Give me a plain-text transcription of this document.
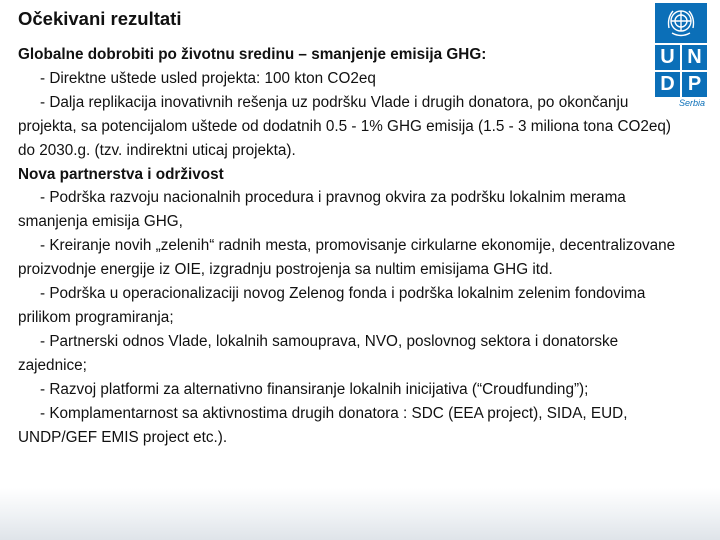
Očekivani rezultati
U N
D P
Serbia

Globalne dobrobiti po životnu sredinu – smanjenje emisija GHG:

- Direktne uštede usled projekta: 100 kton CO2eq

- Dalja replikacija inovativnih rešenja uz podršku Vlade i drugih donatora, po okončanju projekta, sa potencijalom uštede od dodatnih 0.5 - 1% GHG emisija (1.5 - 3 miliona tona CO2eq) do 2030.g. (tzv. indirektni uticaj projekta).

Nova partnerstva i održivost

- Podrška razvoju nacionalnih procedura i pravnog okvira za podršku lokalnim merama smanjenja emisija GHG,

- Kreiranje novih „zelenih“ radnih mesta, promovisanje cirkularne ekonomije, decentralizovane proizvodnje energije iz OIE, izgradnju postrojenja sa nultim emisijama GHG itd.

- Podrška u operacionalizaciji novog Zelenog fonda i podrška lokalnim zelenim fondovima prilikom programiranja;

- Partnerski odnos Vlade, lokalnih samouprava, NVO, poslovnog sektora i donatorske zajednice;

- Razvoj platformi za alternativno finansiranje lokalnih inicijativa (“Croudfunding”);

- Komplamentarnost sa aktivnostima drugih donatora : SDC (EEA project), SIDA, EUD, UNDP/GEF EMIS project etc.).
